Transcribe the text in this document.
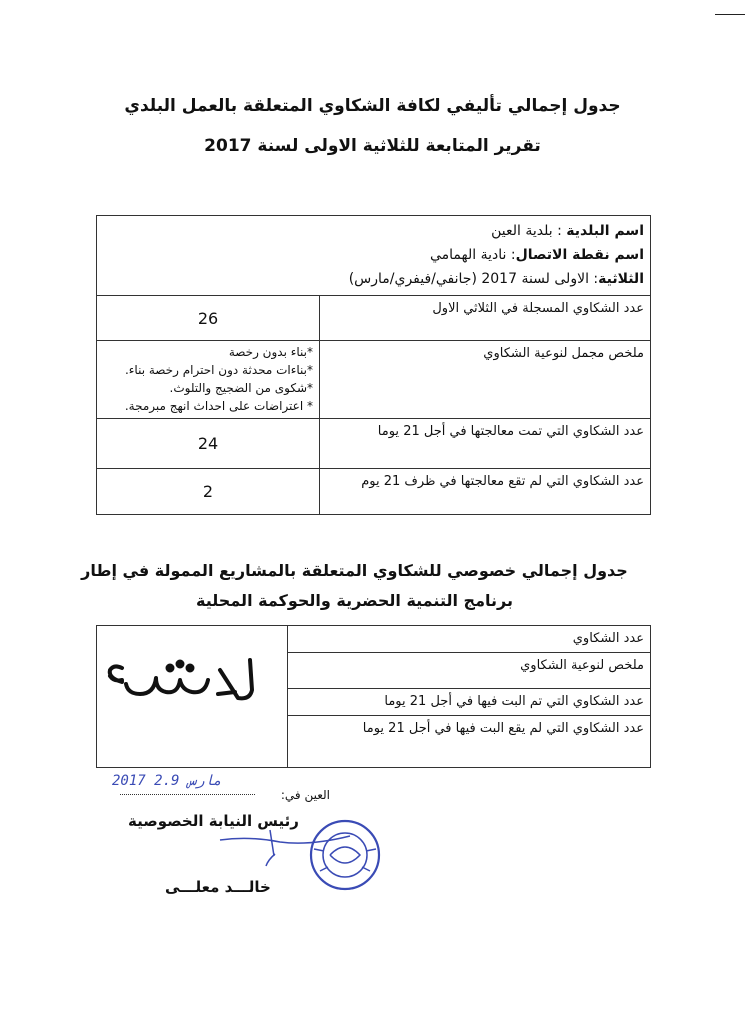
جدول إجمالي تأليفي لكافة الشكاوي المتعلقة بالعمل البلدي
تقرير المتابعة للثلاثية الاولى لسنة 2017
اسم البلدية : بلدية العين
اسم نقطة الاتصال: نادية الهمامي
الثلاثية: الاولى لسنة 2017 (جانفي/فيفري/مارس)	

عدد الشكاوي المسجلة في الثلاثي الاول	26
ملخص مجمل لنوعية الشكاوي	*بناء بدون رخصة
*بناءات محدثة دون احترام رخصة بناء.
*شكوى من الضجيج والتلوث.
* اعتراضات على احداث انهج مبرمجة.

عدد الشكاوي التي تمت معالجتها في أجل 21 يوما	24
عدد الشكاوي التي لم تقع معالجتها في ظرف 21 يوم	2
جدول إجمالي خصوصي للشكاوي المتعلقة بالمشاريع الممولة في إطار برنامج التنمية الحضرية والحوكمة المحلية
عدد الشكاوي	
ملخص لنوعية الشكاوي
عدد الشكاوي التي تم البت فيها في أجل 21 يوما
عدد الشكاوي التي لم يقع البت فيها في أجل 21 يوما
العين في:
2017 2.9 مارس
رئيس النيابة الخصوصية
خالـــد معلـــى
